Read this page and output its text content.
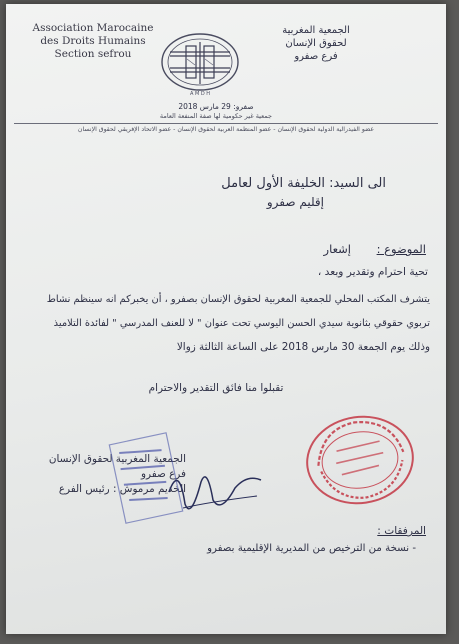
Association Marocaine
des Droits Humains
Section sefrou
A M D H
الجمعية المغربية
لحقوق الإنسان
فرع صفرو
صفرو: 29 مارس 2018
جمعية غير حكومية لها صفة المنفعة العامة
عضو الفيدرالية الدولية لحقوق الإنسان - عضو المنظمة العربية لحقوق الإنسان - عضو الاتحاد الإفريقي لحقوق الإنسان
الى السيد: الخليفة الأول لعامل
إقليم صفرو
الموضوع : إشعار
تحية احترام وتقدير وبعد ،
يتشرف المكتب المحلي للجمعية المغربية لحقوق الإنسان بصفرو ، أن يخبركم انه سينظم نشاط
تربوي حقوقي بثانوية سيدي الحسن اليوسي تحت عنوان " لا للعنف المدرسي " لفائدة التلاميذ
وذلك يوم الجمعة 30 مارس 2018 على الساعة الثالثة زوالا
تقبلوا منا فائق التقدير والاحترام
الجمعية المغربية لحقوق الإنسان
فرع صفرو
الخديم مرموش : رئيس الفرع
المرفقات :
- نسخة من الترخيص من المديرية الإقليمية بصفرو
